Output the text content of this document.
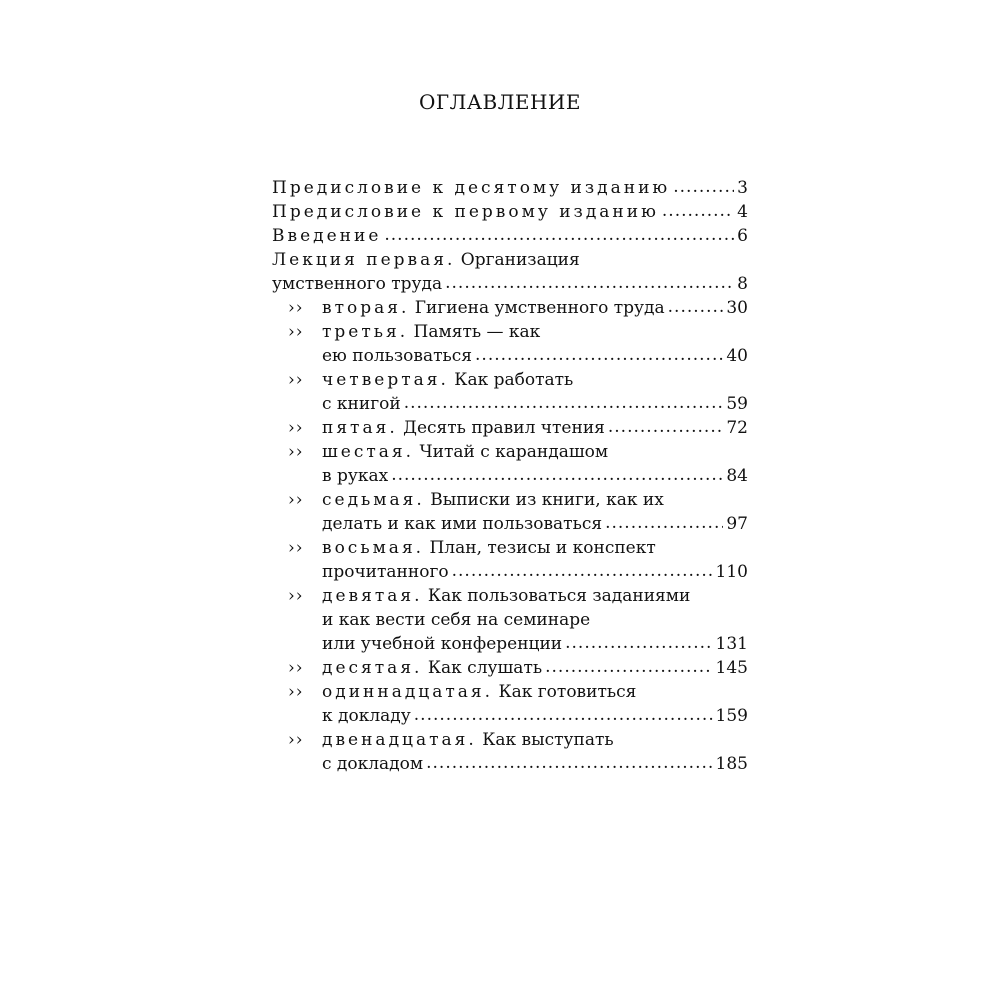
ОГЛАВЛЕНИЕ
Предисловие к десятому изданию .....	3
Предисловие к первому изданию .....	4
Введение .....	6
Лекция первая. Организация
умственного труда .....	8
›› вторая. Гигиена умственного труда .....	30
›› третья. Память — как
ею пользоваться .....	40
›› четвертая. Как работать
с книгой .....	59
›› пятая. Десять правил чтения .....	72
›› шестая. Читай с карандашом
в руках .....	84
›› седьмая. Выписки из книги, как их
делать и как ими пользоваться .....	97
›› восьмая. План, тезисы и конспект
прочитанного .....	110
›› девятая. Как пользоваться заданиями
и как вести себя на семинаре
или учебной конференции .....	131
›› десятая. Как слушать .....	145
›› одиннадцатая. Как готовиться
к докладу .....	159
›› двенадцатая. Как выступать
с докладом .....	185
